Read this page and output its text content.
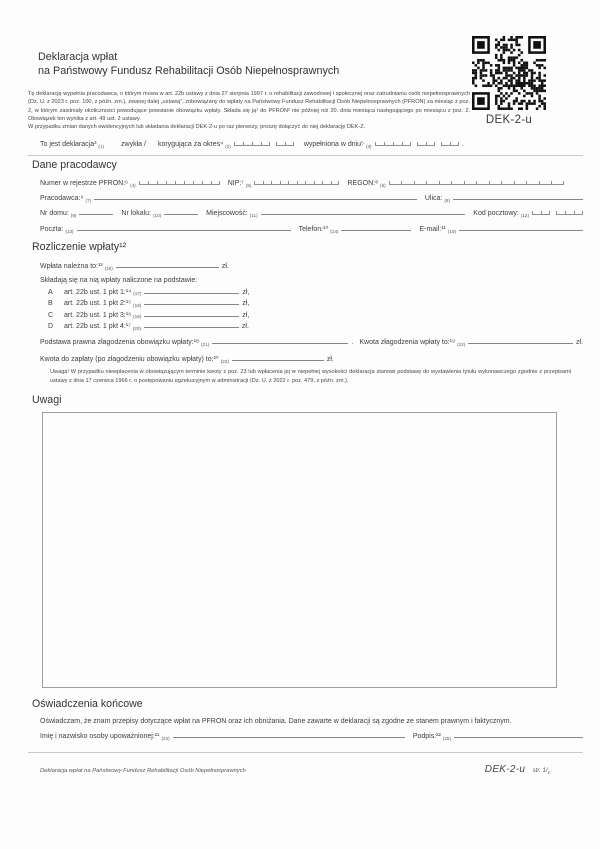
Deklaracja wpłat
na Państwowy Fundusz Rehabilitacji Osób Niepełnosprawnych
DEK-2-u

Tę deklarację wypełnia pracodawca, o którym mowa w art. 22b ustawy z dnia 27 sierpnia 1997 r. o rehabilitacji zawodowej i społecznej oraz zatrudnianiu osób niepełnosprawnych (Dz. U. z 2023 r. poz. 100, z późn. zm.), zwanej dalej „ustawą”, zobowiązany do wpłaty na Państwowy Fundusz Rehabilitacji Osób Niepełnosprawnych (PFRON) za miesiąc z poz. 2, w którym zaistniały okoliczności powodujące powstanie obowiązku wpłaty. Składa się ją¹ do PFRON² nie później niż 20. dnia miesiąca następującego po miesiącu z poz. 2. Obowiązek ten wynika z art. 49 ust. 2 ustawy.

W przypadku zmian danych ewidencyjnych lub składania deklaracji DEK-2-u po raz pierwszy, proszę dołączyć do niej deklarację DEK-Z.

To jest deklaracja³ (1) zwykła / korygująca za okres⁴ (2)	wypełniona w dniu⁵ (3)	.
Dane pracodawcy
Numer w rejestrze PFRON:⁶ (4)	NIP:⁷ (5)	REGON:⁸ (6)
Pracodawca:⁹ (7)	Ulica: (8)
Nr domu: (9)	Nr lokalu: (10)	Miejscowość: (11)	Kod pocztowy: (12)
Poczta: (13)	Telefon:¹⁰ (14)	E-mail:¹¹ (15)
Rozliczenie wpłaty¹²
Wpłata należna to:¹³ (16)	zł.
Składają się na nią wpłaty naliczone na podstawie:
A	art. 22b ust. 1 pkt 1:¹⁴ (17)	zł,
B	art. 22b ust. 1 pkt 2:¹⁵ (18)	zł,
C	art. 22b ust. 1 pkt 3:¹⁶ (19)	zł,
D	art. 22b ust. 1 pkt 4:¹⁷ (20)	zł.
Podstawa prawna złagodzenia obowiązku wpłaty:¹⁸ (21)	. Kwota złagodzenia wpłaty to:¹⁹ (22)	zł.
Kwota do zapłaty (po złagodzeniu obowiązku wpłaty) to:²⁰ (23)	zł.
Uwaga! W przypadku niewpłacenia w obowiązującym terminie kwoty z poz. 23 lub wpłacenia jej w niepełnej wysokości deklaracja stanowi podstawę do wystawienia tytułu wykonawczego zgodnie z przepisami ustawy z dnia 17 czerwca 1966 r. o postępowaniu egzekucyjnym w administracji (Dz. U. z 2022 r. poz. 479, z późn. zm.).
Uwagi
Oświadczenia końcowe
Oświadczam, że znam przepisy dotyczące wpłat na PFRON oraz ich obniżania. Dane zawarte w deklaracji są zgodne ze stanem prawnym i faktycznym.
Imię i nazwisko osoby upoważnionej:²¹ (24)	Podpis:²² (25)
Deklaracja wpłat na Państwowy Fundusz Rehabilitacji Osób Niepełnosprawnych	DEK-2-u str. $1/_1$
